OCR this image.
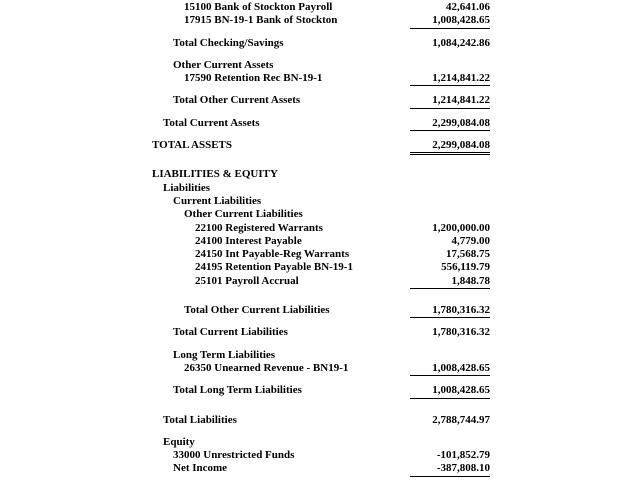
15100 Bank of Stockton Payroll	42,641.06
17915 BN-19-1 Bank of Stockton	1,008,428.65
Total Checking/Savings	1,084,242.86
Other Current Assets
17590 Retention Rec BN-19-1	1,214,841.22
Total Other Current Assets	1,214,841.22
Total Current Assets	2,299,084.08
TOTAL ASSETS	2,299,084.08
LIABILITIES & EQUITY
Liabilities
Current Liabilities
Other Current Liabilities
22100 Registered Warrants	1,200,000.00
24100 Interest Payable	4,779.00
24150 Int Payable-Reg Warrants	17,568.75
24195 Retention Payable BN-19-1	556,119.79
25101 Payroll Accrual	1,848.78
Total Other Current Liabilities	1,780,316.32
Total Current Liabilities	1,780,316.32
Long Term Liabilities
26350 Unearned Revenue - BN19-1	1,008,428.65
Total Long Term Liabilities	1,008,428.65
Total Liabilities	2,788,744.97
Equity
33000 Unrestricted Funds	-101,852.79
Net Income	-387,808.10
